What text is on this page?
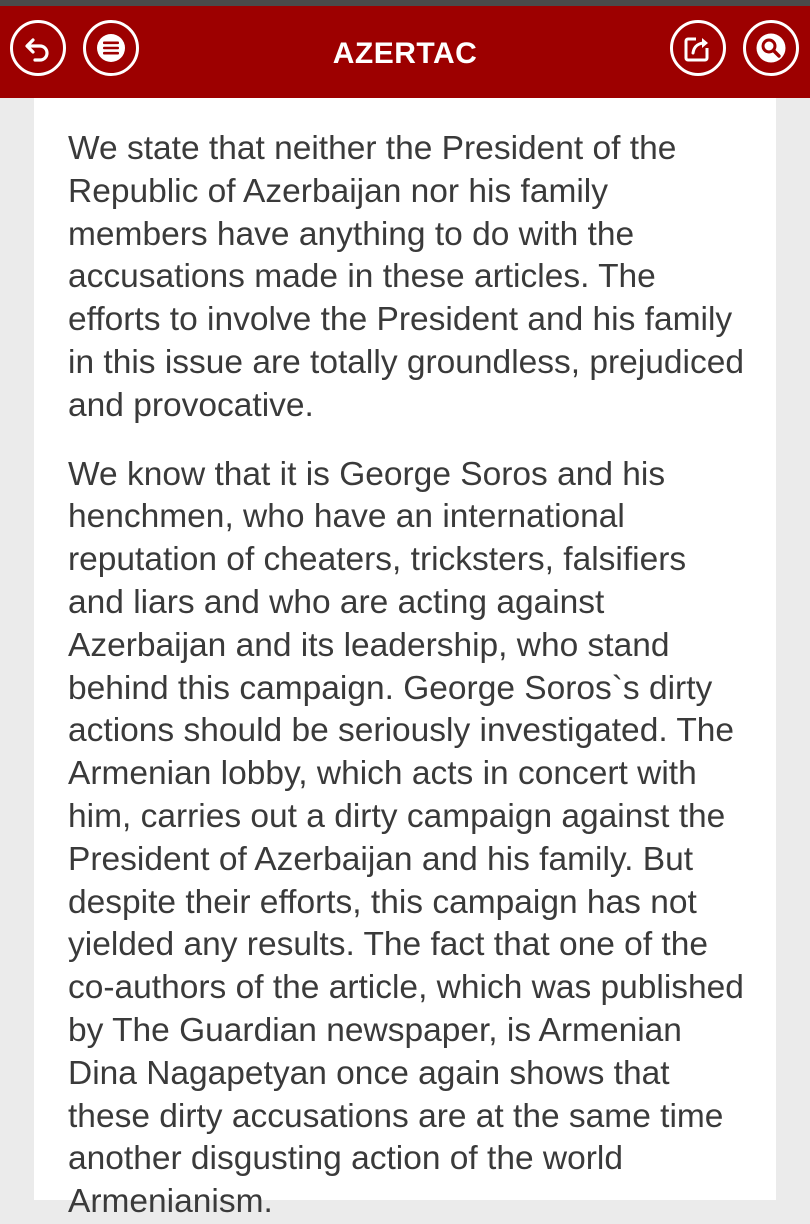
AZERTAC

We state that neither the President of the Republic of Azerbaijan nor his family members have anything to do with the accusations made in these articles. The efforts to involve the President and his family in this issue are totally groundless, prejudiced and provocative.

We know that it is George Soros and his henchmen, who have an international reputation of cheaters, tricksters, falsifiers and liars and who are acting against Azerbaijan and its leadership, who stand behind this campaign. George Soros`s dirty actions should be seriously investigated. The Armenian lobby, which acts in concert with him, carries out a dirty campaign against the President of Azerbaijan and his family. But despite their efforts, this campaign has not yielded any results. The fact that one of the co-authors of the article, which was published by The Guardian newspaper, is Armenian Dina Nagapetyan once again shows that these dirty accusations are at the same time another disgusting action of the world Armenianism.
